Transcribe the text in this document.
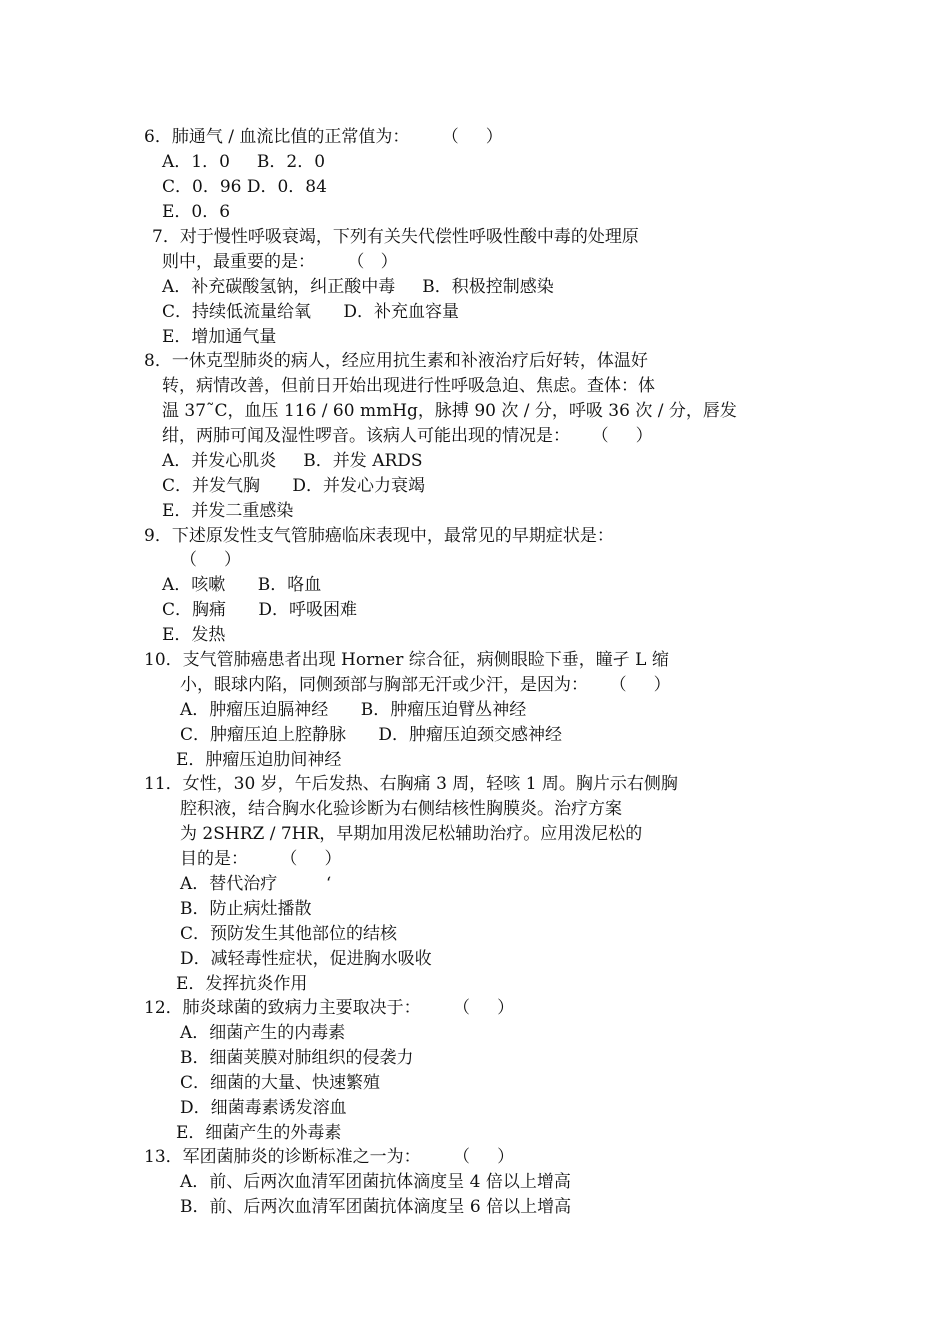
6．肺通气 / 血流比值的正常值为：      （     ）
A．1．0     B．2．0
C．0．96 D．0．84
E．0．6
7．对于慢性呼吸衰竭，下列有关失代偿性呼吸性酸中毒的处理原
则中，最重要的是：      （   ）
A．补充碳酸氢钠，纠正酸中毒     B．积极控制感染
C．持续低流量给氧      D．补充血容量
E．增加通气量
8．一休克型肺炎的病人，经应用抗生素和补液治疗后好转，体温好
转，病情改善，但前日开始出现进行性呼吸急迫、焦虑。查体：体
温 37˜C，血压 116 / 60 mmHg，脉搏 90 次 / 分，呼吸 36 次 / 分，唇发
绀，两肺可闻及湿性啰音。该病人可能出现的情况是：    （     ）
A．并发心肌炎     B．并发 ARDS
C．并发气胸      D．并发心力衰竭
E．并发二重感染
9．下述原发性支气管肺癌临床表现中，最常见的早期症状是：
（     ）
A．咳嗽      B．咯血
C．胸痛      D．呼吸困难
E．发热
10．支气管肺癌患者出现 Horner 综合征，病侧眼睑下垂，瞳孑 L 缩
小，眼球内陷，同侧颈部与胸部无汗或少汗，是因为：    （     ）
A．肿瘤压迫膈神经      B．肿瘤压迫臂丛神经
C．肿瘤压迫上腔静脉      D．肿瘤压迫颈交感神经
E．肿瘤压迫肋间神经
11．女性，30 岁，午后发热、右胸痛 3 周，轻咳 1 周。胸片示右侧胸
腔积液，结合胸水化验诊断为右侧结核性胸膜炎。治疗方案
为 2SHRZ / 7HR，早期加用泼尼松辅助治疗。应用泼尼松的
目的是：      （     ）
A．替代治疗         ‘
B．防止病灶播散
C．预防发生其他部位的结核
D．减轻毒性症状，促进胸水吸收
E．发挥抗炎作用
12．肺炎球菌的致病力主要取决于：      （     ）
A．细菌产生的内毒素
B．细菌荚膜对肺组织的侵袭力
C．细菌的大量、快速繁殖
D．细菌毒素诱发溶血
E．细菌产生的外毒素
13．军团菌肺炎的诊断标准之一为：      （     ）
A．前、后两次血清军团菌抗体滴度呈 4 倍以上增高
B．前、后两次血清军团菌抗体滴度呈 6 倍以上增高
